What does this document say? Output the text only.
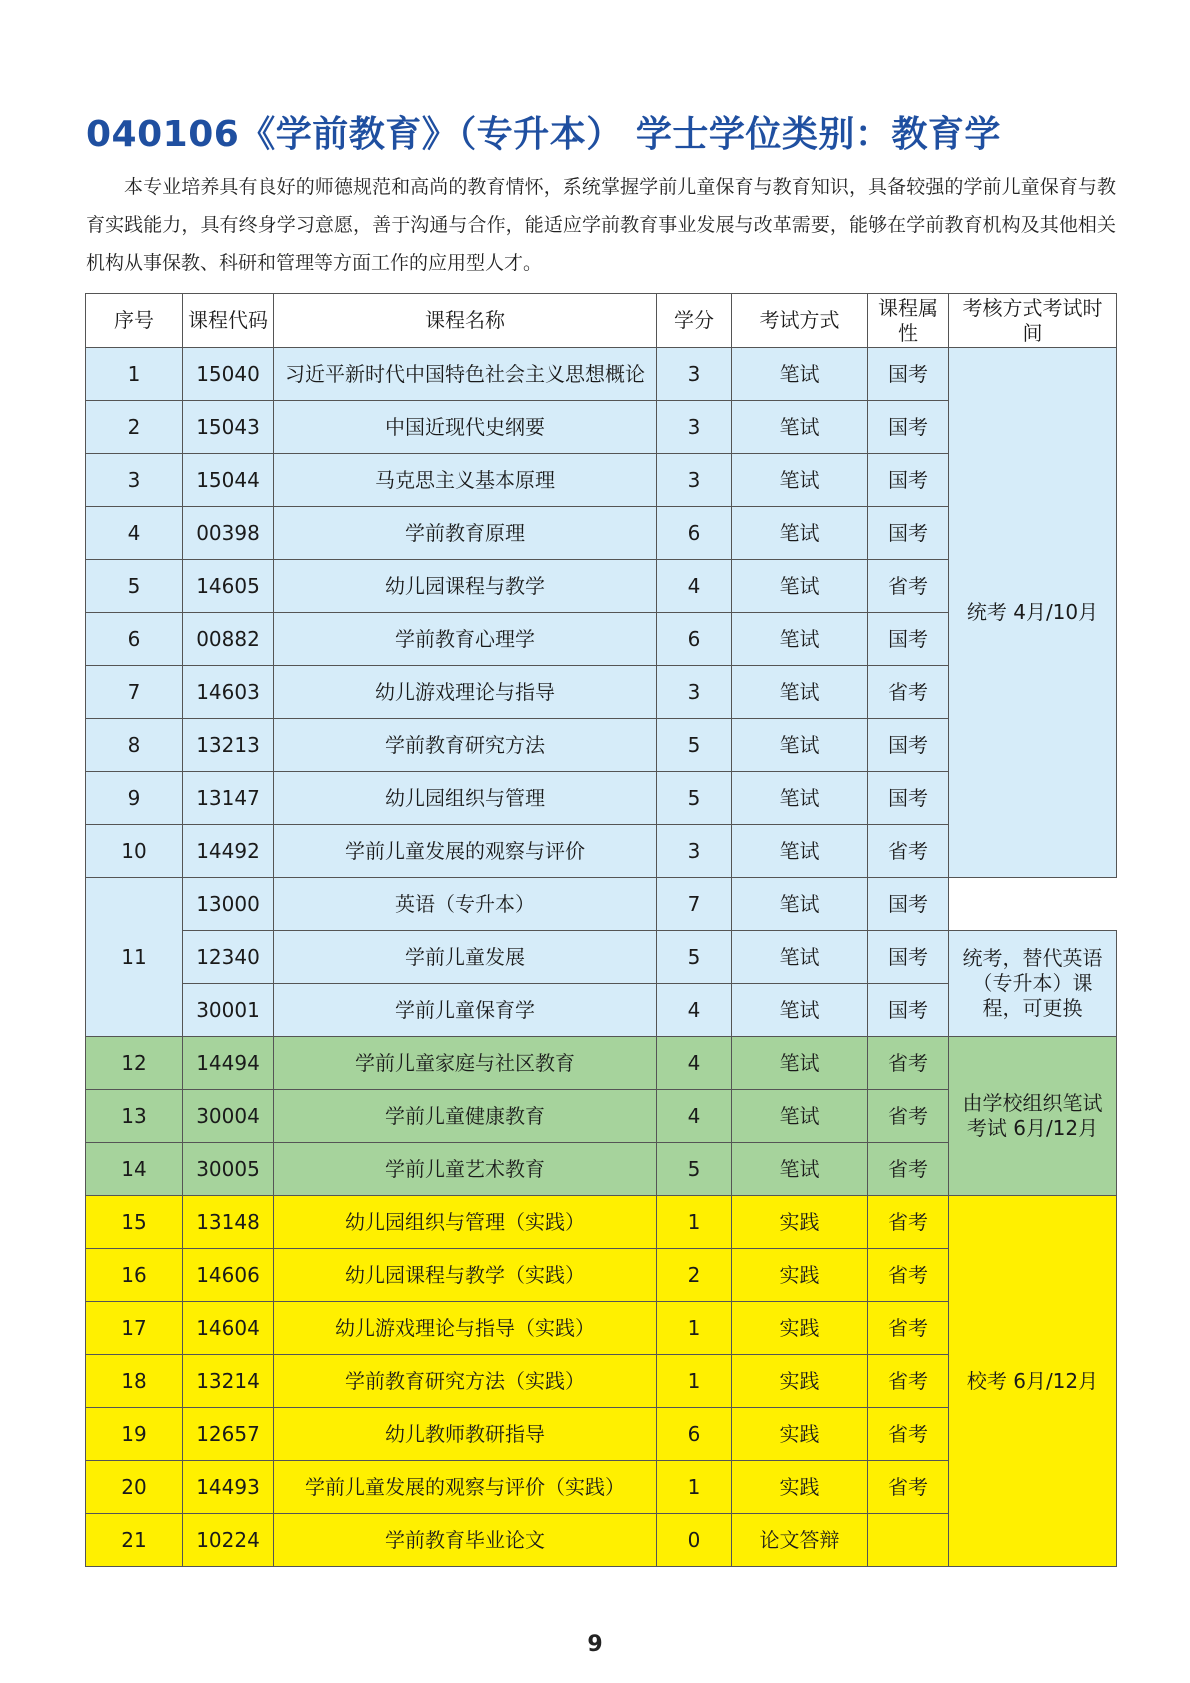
040106《学前教育》（专升本） 学士学位类别：教育学
本专业培养具有良好的师德规范和高尚的教育情怀，系统掌握学前儿童保育与教育知识，具备较强的学前儿童保育与教育实践能力，具有终身学习意愿，善于沟通与合作，能适应学前教育事业发展与改革需要，能够在学前教育机构及其他相关机构从事保教、科研和管理等方面工作的应用型人才。
序号	课程代码	课程名称	学分	考试方式	课程属性	考核方式考试时间
1	15040	习近平新时代中国特色社会主义思想概论	3	笔试	国考	统考 4月/10月
2	15043	中国近现代史纲要	3	笔试	国考	
3	15044	马克思主义基本原理	3	笔试	国考	
4	00398	学前教育原理	6	笔试	国考	
5	14605	幼儿园课程与教学	4	笔试	省考	
6	00882	学前教育心理学	6	笔试	国考	
7	14603	幼儿游戏理论与指导	3	笔试	省考	
8	13213	学前教育研究方法	5	笔试	国考	
9	13147	幼儿园组织与管理	5	笔试	国考	
10	14492	学前儿童发展的观察与评价	3	笔试	省考	
11	13000	英语（专升本）	7	笔试	国考	
	12340	学前儿童发展	5	笔试	国考	统考，替代英语（专升本）课程，可更换
	30001	学前儿童保育学	4	笔试	国考	
12	14494	学前儿童家庭与社区教育	4	笔试	省考	由学校组织笔试考试 6月/12月
13	30004	学前儿童健康教育	4	笔试	省考	
14	30005	学前儿童艺术教育	5	笔试	省考	
15	13148	幼儿园组织与管理（实践）	1	实践	省考	校考 6月/12月
16	14606	幼儿园课程与教学（实践）	2	实践	省考	
17	14604	幼儿游戏理论与指导（实践）	1	实践	省考	
18	13214	学前教育研究方法（实践）	1	实践	省考	
19	12657	幼儿教师教研指导	6	实践	省考	
20	14493	学前儿童发展的观察与评价（实践）	1	实践	省考	
21	10224	学前教育毕业论文	0	论文答辩		
9
